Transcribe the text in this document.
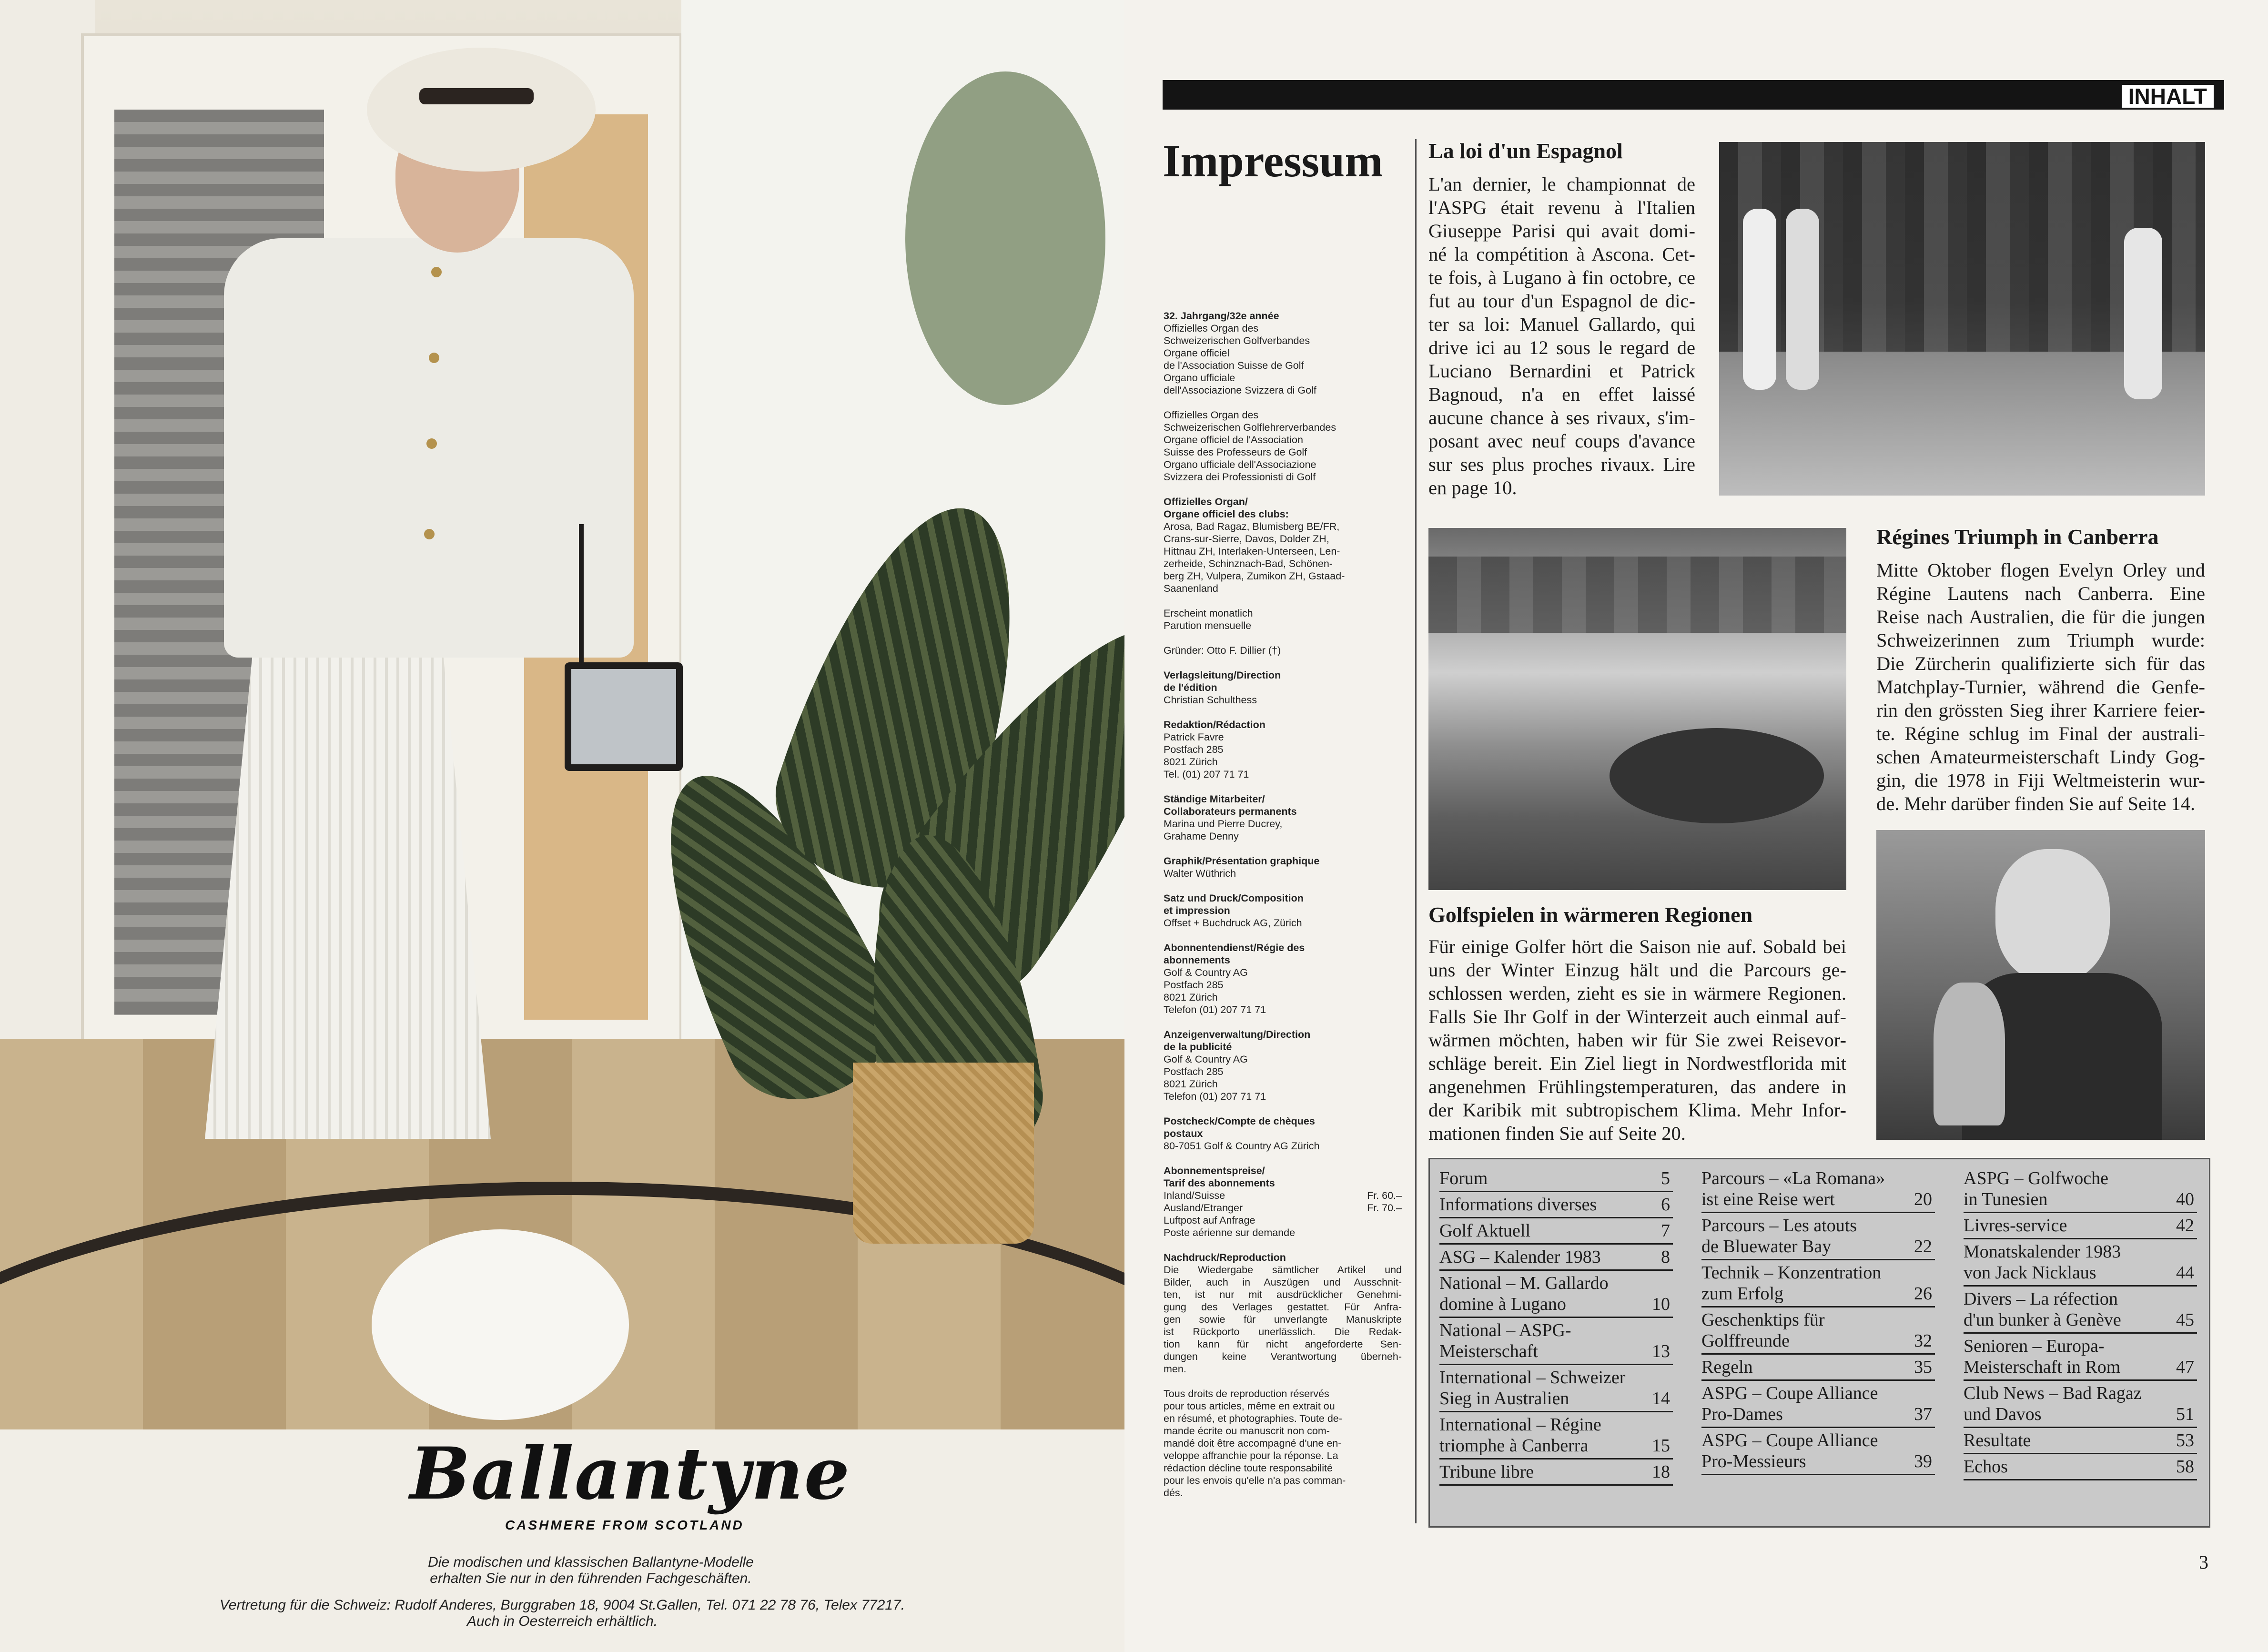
Ballantyne
CASHMERE FROM SCOTLAND
Die modischen und klassischen Ballantyne-Modelle
erhalten Sie nur in den führenden Fachgeschäften.
Vertretung für die Schweiz: Rudolf Anderes, Burggraben 18, 9004 St.Gallen, Tel. 071 22 78 76, Telex 77217.
Auch in Oesterreich erhältlich.
INHALT
Impressum
32. Jahrgang/32e année
Offizielles Organ des
Schweizerischen Golfverbandes
Organe officiel
de l'Association Suisse de Golf
Organo ufficiale
dell'Associazione Svizzera di Golf
Offizielles Organ des
Schweizerischen Golflehrerverbandes
Organe officiel de l'Association
Suisse des Professeurs de Golf
Organo ufficiale dell'Associazione
Svizzera dei Professionisti di Golf
Offizielles Organ/
Organe officiel des clubs:
Arosa, Bad Ragaz, Blumisberg BE/FR,
Crans-sur-Sierre, Davos, Dolder ZH,
Hittnau ZH, Interlaken-Unterseen, Len-
zerheide, Schinznach-Bad, Schönen-
berg ZH, Vulpera, Zumikon ZH, Gstaad-
Saanenland
Erscheint monatlich
Parution mensuelle
Gründer: Otto F. Dillier (†)
Verlagsleitung/Direction
de l'édition
Christian Schulthess
Redaktion/Rédaction
Patrick Favre
Postfach 285
8021 Zürich
Tel. (01) 207 71 71
Ständige Mitarbeiter/
Collaborateurs permanents
Marina und Pierre Ducrey,
Grahame Denny
Graphik/Présentation graphique
Walter Wüthrich
Satz und Druck/Composition
et impression
Offset + Buchdruck AG, Zürich
Abonnentendienst/Régie des
abonnements
Golf & Country AG
Postfach 285
8021 Zürich
Telefon (01) 207 71 71
Anzeigenverwaltung/Direction
de la publicité
Golf & Country AG
Postfach 285
8021 Zürich
Telefon (01) 207 71 71
Postcheck/Compte de chèques
postaux
80-7051 Golf & Country AG Zürich
Abonnementspreise/
Tarif des abonnements
Inland/Suisse	Fr. 60.–
Ausland/Etranger	Fr. 70.–
Luftpost auf Anfrage
Poste aérienne sur demande
Nachdruck/Reproduction
Die Wiedergabe sämtlicher Artikel und
Bilder, auch in Auszügen und Ausschnit-
ten, ist nur mit ausdrücklicher Genehmi-
gung des Verlages gestattet. Für Anfra-
gen sowie für unverlangte Manuskripte
ist Rückporto unerlässlich. Die Redak-
tion kann für nicht angeforderte Sen-
dungen keine Verantwortung überneh-
men.
Tous droits de reproduction réservés
pour tous articles, même en extrait ou
en résumé, et photographies. Toute de-
mande écrite ou manuscrit non com-
mandé doit être accompagné d'une en-
veloppe affranchie pour la réponse. La
rédaction décline toute responsabilité
pour les envois qu'elle n'a pas comman-
dés.
La loi d'un Espagnol
L'an dernier, le championnat de
l'ASPG était revenu à l'Italien
Giuseppe Parisi qui avait domi-
né la compétition à Ascona. Cet-
te fois, à Lugano à fin octobre, ce
fut au tour d'un Espagnol de dic-
ter sa loi: Manuel Gallardo, qui
drive ici au 12 sous le regard de
Luciano Bernardini et Patrick
Bagnoud, n'a en effet laissé
aucune chance à ses rivaux, s'im-
posant avec neuf coups d'avance
sur ses plus proches rivaux. Lire
en page 10.
Régines Triumph in Canberra
Mitte Oktober flogen Evelyn Orley und
Régine Lautens nach Canberra. Eine
Reise nach Australien, die für die jungen
Schweizerinnen zum Triumph wurde:
Die Zürcherin qualifizierte sich für das
Matchplay-Turnier, während die Genfe-
rin den grössten Sieg ihrer Karriere feier-
te. Régine schlug im Final der australi-
schen Amateurmeisterschaft Lindy Gog-
gin, die 1978 in Fiji Weltmeisterin wur-
de. Mehr darüber finden Sie auf Seite 14.
Golfspielen in wärmeren Regionen
Für einige Golfer hört die Saison nie auf. Sobald bei
uns der Winter Einzug hält und die Parcours ge-
schlossen werden, zieht es sie in wärmere Regionen.
Falls Sie Ihr Golf in der Winterzeit auch einmal auf-
wärmen möchten, haben wir für Sie zwei Reisevor-
schläge bereit. Ein Ziel liegt in Nordwestflorida mit
angenehmen Frühlingstemperaturen, das andere in
der Karibik mit subtropischem Klima. Mehr Infor-
mationen finden Sie auf Seite 20.
Forum	5
Informations diverses	6
Golf Aktuell	7
ASG – Kalender 1983	8
National – M. Gallardo
domine à Lugano	10
National – ASPG-
Meisterschaft	13
International – Schweizer
Sieg in Australien	14
International – Régine
triomphe à Canberra	15
Tribune libre	18
Parcours – «La Romana»
ist eine Reise wert	20
Parcours – Les atouts
de Bluewater Bay	22
Technik – Konzentration
zum Erfolg	26
Geschenktips für
Golffreunde	32
Regeln	35
ASPG – Coupe Alliance
Pro-Dames	37
ASPG – Coupe Alliance
Pro-Messieurs	39
ASPG – Golfwoche
in Tunesien	40
Livres-service	42
Monatskalender 1983
von Jack Nicklaus	44
Divers – La réfection
d'un bunker à Genève	45
Senioren – Europa-
Meisterschaft in Rom	47
Club News – Bad Ragaz
und Davos	51
Resultate	53
Echos	58
3
